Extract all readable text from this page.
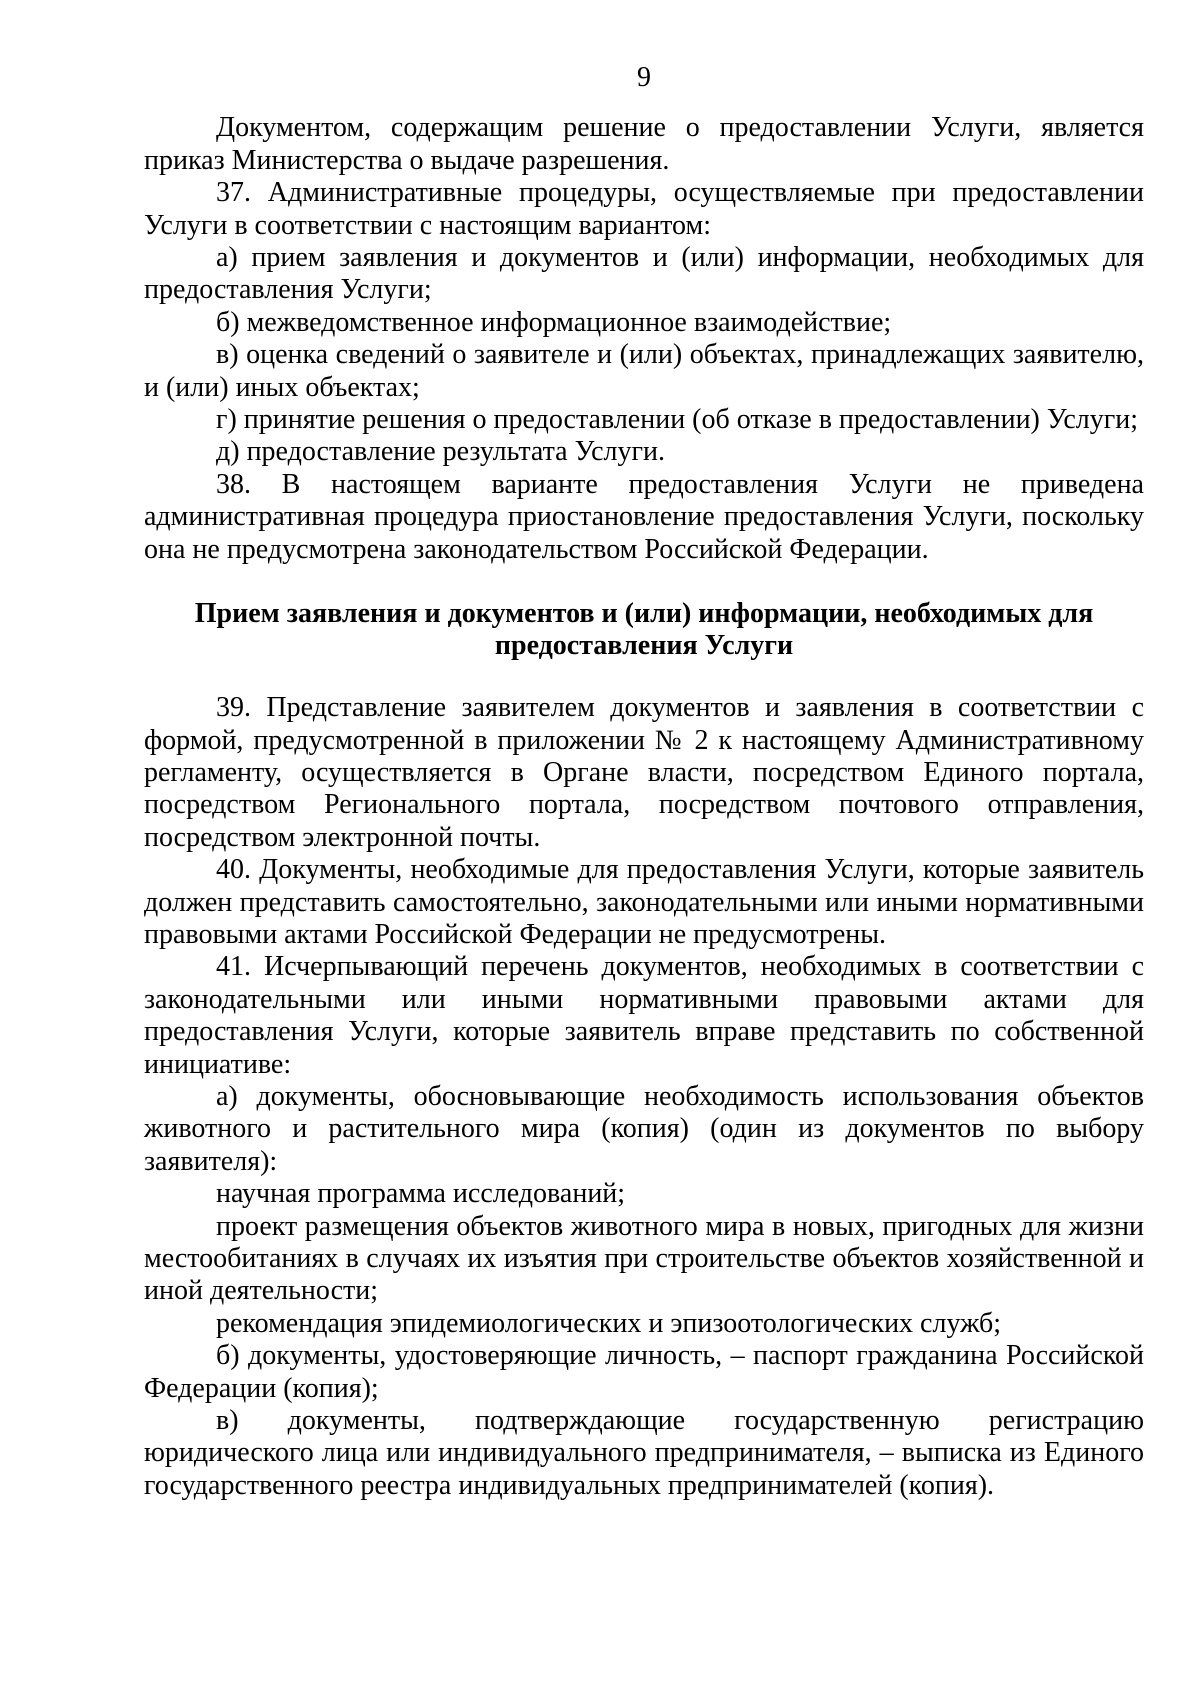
9

Документом, содержащим решение о предоставлении Услуги, является приказ Министерства о выдаче разрешения.

37. Административные процедуры, осуществляемые при предоставлении Услуги в соответствии с настоящим вариантом:

а) прием заявления и документов и (или) информации, необходимых для предоставления Услуги;

б) межведомственное информационное взаимодействие;

в) оценка сведений о заявителе и (или) объектах, принадлежащих заявителю, и (или) иных объектах;

г) принятие решения о предоставлении (об отказе в предоставлении) Услуги;

д) предоставление результата Услуги.

38. В настоящем варианте предоставления Услуги не приведена административная процедура приостановление предоставления Услуги, поскольку она не предусмотрена законодательством Российской Федерации.

Прием заявления и документов и (или) информации, необходимых для предоставления Услуги

39. Представление заявителем документов и заявления в соответствии с формой, предусмотренной в приложении № 2 к настоящему Административному регламенту, осуществляется в Органе власти, посредством Единого портала, посредством Регионального портала, посредством почтового отправления, посредством электронной почты.

40. Документы, необходимые для предоставления Услуги, которые заявитель должен представить самостоятельно, законодательными или иными нормативными правовыми актами Российской Федерации не предусмотрены.

41. Исчерпывающий перечень документов, необходимых в соответствии с законодательными или иными нормативными правовыми актами для предоставления Услуги, которые заявитель вправе представить по собственной инициативе:

а) документы, обосновывающие необходимость использования объектов животного и растительного мира (копия) (один из документов по выбору заявителя):

научная программа исследований;

проект размещения объектов животного мира в новых, пригодных для жизни местообитаниях в случаях их изъятия при строительстве объектов хозяйственной и иной деятельности;

рекомендация эпидемиологических и эпизоотологических служб;

б) документы, удостоверяющие личность, – паспорт гражданина Российской Федерации (копия);

в) документы, подтверждающие государственную регистрацию юридического лица или индивидуального предпринимателя, – выписка из Единого государственного реестра индивидуальных предпринимателей (копия).
